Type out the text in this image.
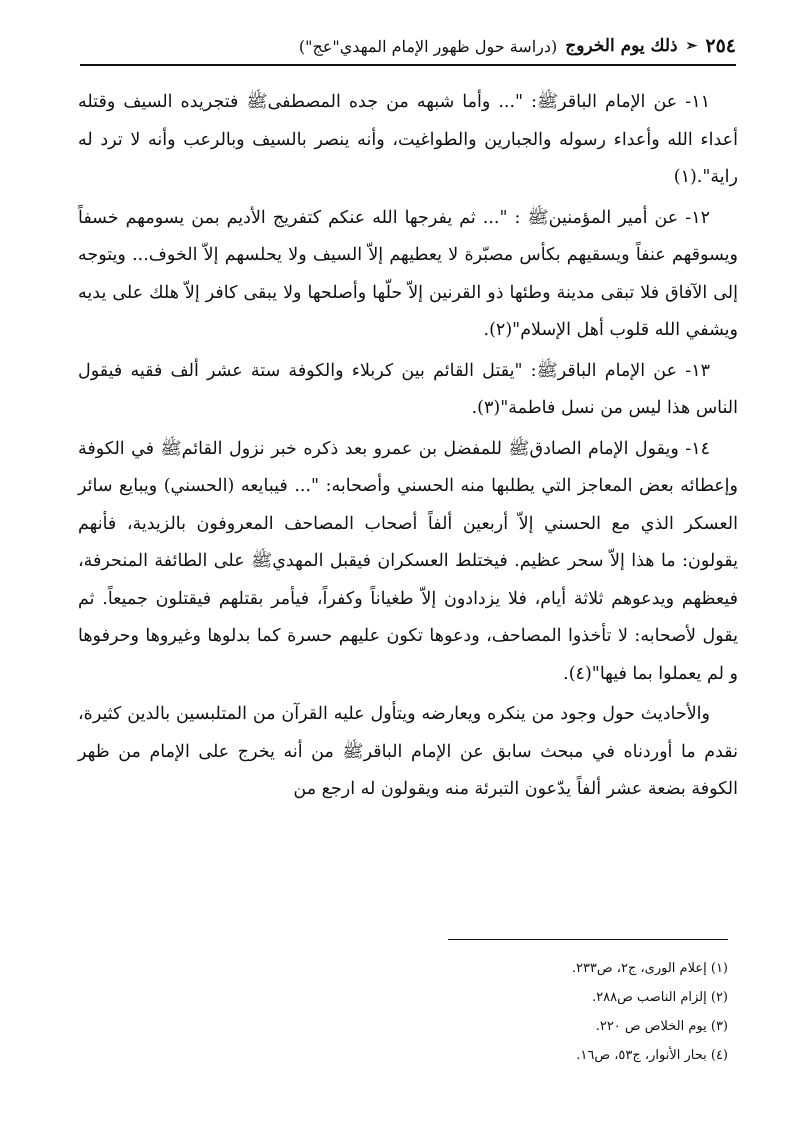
٢٥٤
➣
ذلك يوم الخروج
(دراسة حول ظهور الإمام المهدي"عج")

١١- عن الإمام الباقرﷺ: "... وأما شبهه من جده المصطفىﷺ فتجريده السيف وقتله أعداء الله وأعداء رسوله والجبارين والطواغيت، وأنه ينصر بالسيف وبالرعب وأنه لا ترد له راية".(١)

١٢- عن أمير المؤمنينﷺ : "... ثم يفرجها الله عنكم كتفريج الأديم بمن يسومهم خسفاً ويسوقهم عنفاً ويسقيهم بكأس مصبّرة لا يعطيهم إلاّ السيف ولا يحلسهم إلاّ الخوف... ويتوجه إلى الآفاق فلا تبقى مدينة وطئها ذو القرنين إلاّ حلّها وأصلحها ولا يبقى كافر إلاّ هلك على يديه ويشفي الله قلوب أهل الإسلام"(٢).

١٣- عن الإمام الباقرﷺ: "يقتل القائم بين كربلاء والكوفة ستة عشر ألف فقيه فيقول الناس هذا ليس من نسل فاطمة"(٣).

١٤- ويقول الإمام الصادقﷺ للمفضل بن عمرو بعد ذكره خبر نزول القائمﷺ في الكوفة وإعطائه بعض المعاجز التي يطلبها منه الحسني وأصحابه: "... فيبايعه (الحسني) ويبايع سائر العسكر الذي مع الحسني إلاّ أربعين ألفاً أصحاب المصاحف المعروفون بالزيدية، فأنهم يقولون: ما هذا إلاّ سحر عظيم. فيختلط العسكران فيقبل المهديﷺ على الطائفة المنحرفة، فيعظهم ويدعوهم ثلاثة أيام، فلا يزدادون إلاّ طغياناً وكفراً، فيأمر بقتلهم فيقتلون جميعاً. ثم يقول لأصحابه: لا تأخذوا المصاحف، ودعوها تكون عليهم حسرة كما بدلوها وغيروها وحرفوها و لم يعملوا بما فيها"(٤).

والأحاديث حول وجود من ينكره ويعارضه ويتأول عليه القرآن من المتلبسين بالدين كثيرة، نقدم ما أوردناه في مبحث سابق عن الإمام الباقرﷺ من أنه يخرج على الإمام من ظهر الكوفة بضعة عشر ألفاً يدّعون التبرئة منه ويقولون له ارجع من

(١) إعلام الورى، ج٢، ص٢٣٣.
(٢) إلزام الناصب ص٢٨٨.
(٣) يوم الخلاص ص ٢٢٠.
(٤) بحار الأنوار، ج٥٣، ص١٦.
